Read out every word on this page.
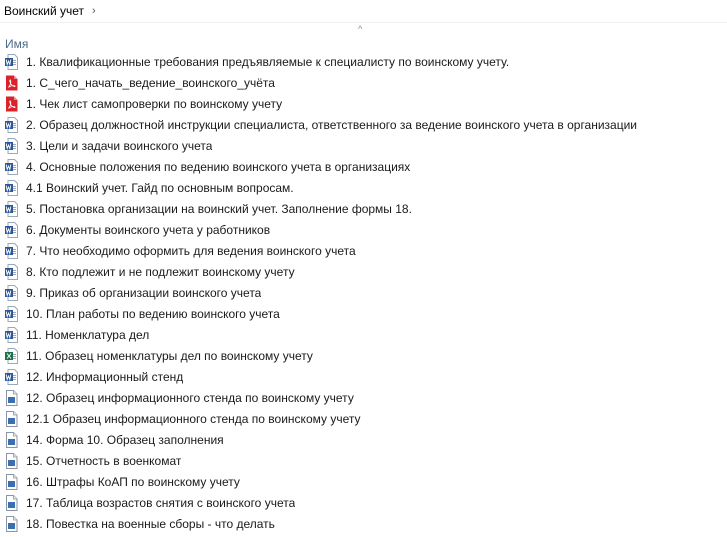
Воинский учет ›
^
Имя
1. Квалификационные требования предъявляемые к специалисту по воинскому учету.
1. С_чего_начать_ведение_воинского_учёта
1. Чек лист самопроверки по воинскому учету
2. Образец должностной инструкции специалиста, ответственного за ведение воинского учета в организации
3. Цели и задачи воинского учета
4. Основные положения по ведению воинского учета в организациях
4.1 Воинский учет. Гайд по основным вопросам.
5. Постановка организации на воинский учет. Заполнение формы 18.
6. Документы воинского учета у работников
7. Что необходимо оформить для ведения воинского учета
8. Кто подлежит и не подлежит воинскому учету
9. Приказ об организации воинского учета
10. План работы по ведению воинского учета
11. Номенклатура дел
11. Образец номенклатуры дел по воинскому учету
12. Информационный стенд
12. Образец информационного стенда по воинскому учету
12.1 Образец информационного стенда по воинскому учету
14. Форма 10. Образец заполнения
15. Отчетность в военкомат
16. Штрафы КоАП по воинскому учету
17. Таблица возрастов снятия с воинского учета
18. Повестка на военные сборы - что делать
